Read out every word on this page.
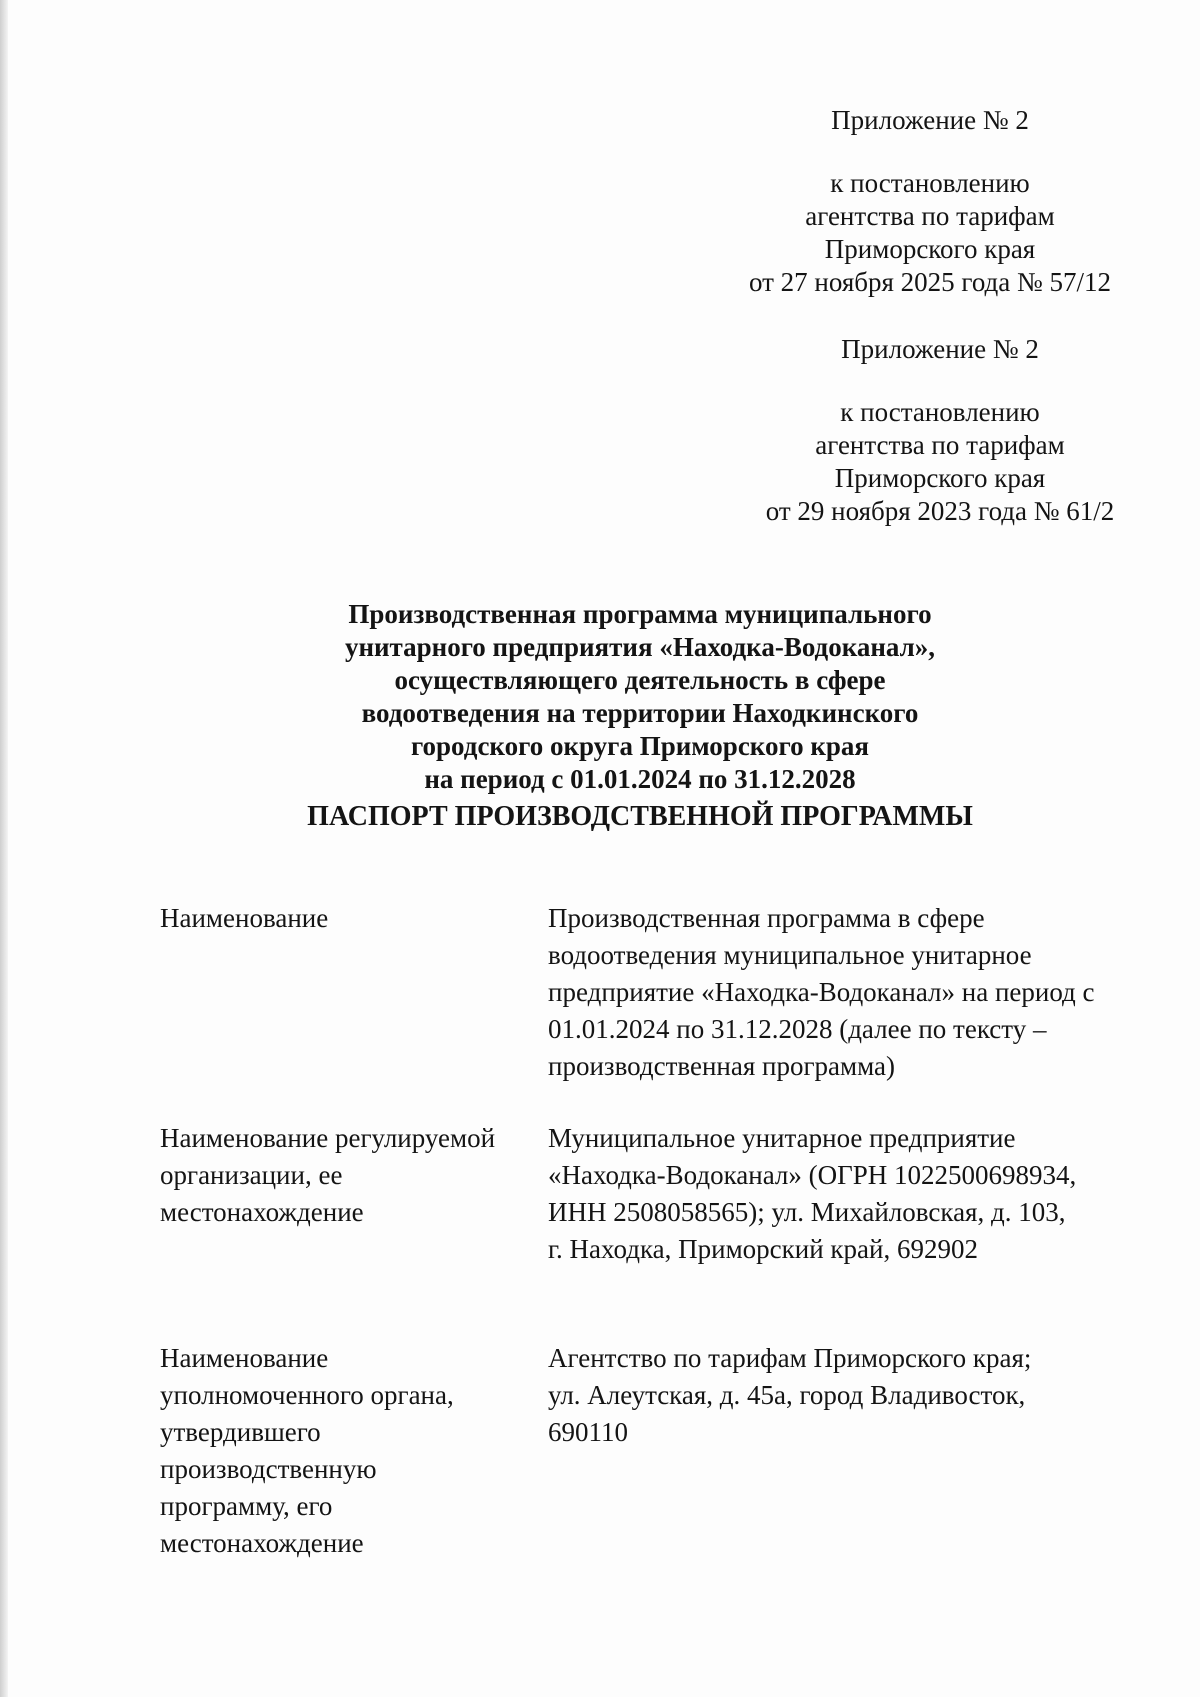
Приложение № 2
к постановлению
агентства по тарифам
Приморского края
от 27 ноября 2025 года № 57/12
Приложение № 2
к постановлению
агентства по тарифам
Приморского края
от 29 ноября 2023 года № 61/2
Производственная программа муниципального
унитарного предприятия «Находка-Водоканал»,
осуществляющего деятельность в сфере
водоотведения на территории Находкинского
городского округа Приморского края
на период с 01.01.2024 по 31.12.2028
ПАСПОРТ ПРОИЗВОДСТВЕННОЙ ПРОГРАММЫ
Наименование	Производственная программа в сфере
водоотведения муниципальное унитарное
предприятие «Находка-Водоканал» на период с
01.01.2024 по 31.12.2028 (далее по тексту –
производственная программа)
Наименование регулируемой
организации, ее
местонахождение
Муниципальное унитарное предприятие
«Находка-Водоканал» (ОГРН 1022500698934,
ИНН 2508058565); ул. Михайловская, д. 103,
г. Находка, Приморский край, 692902
Наименование
уполномоченного органа,
утвердившего
производственную
программу, его
местонахождение
Агентство по тарифам Приморского края;
ул. Алеутская, д. 45а, город Владивосток,
690110
